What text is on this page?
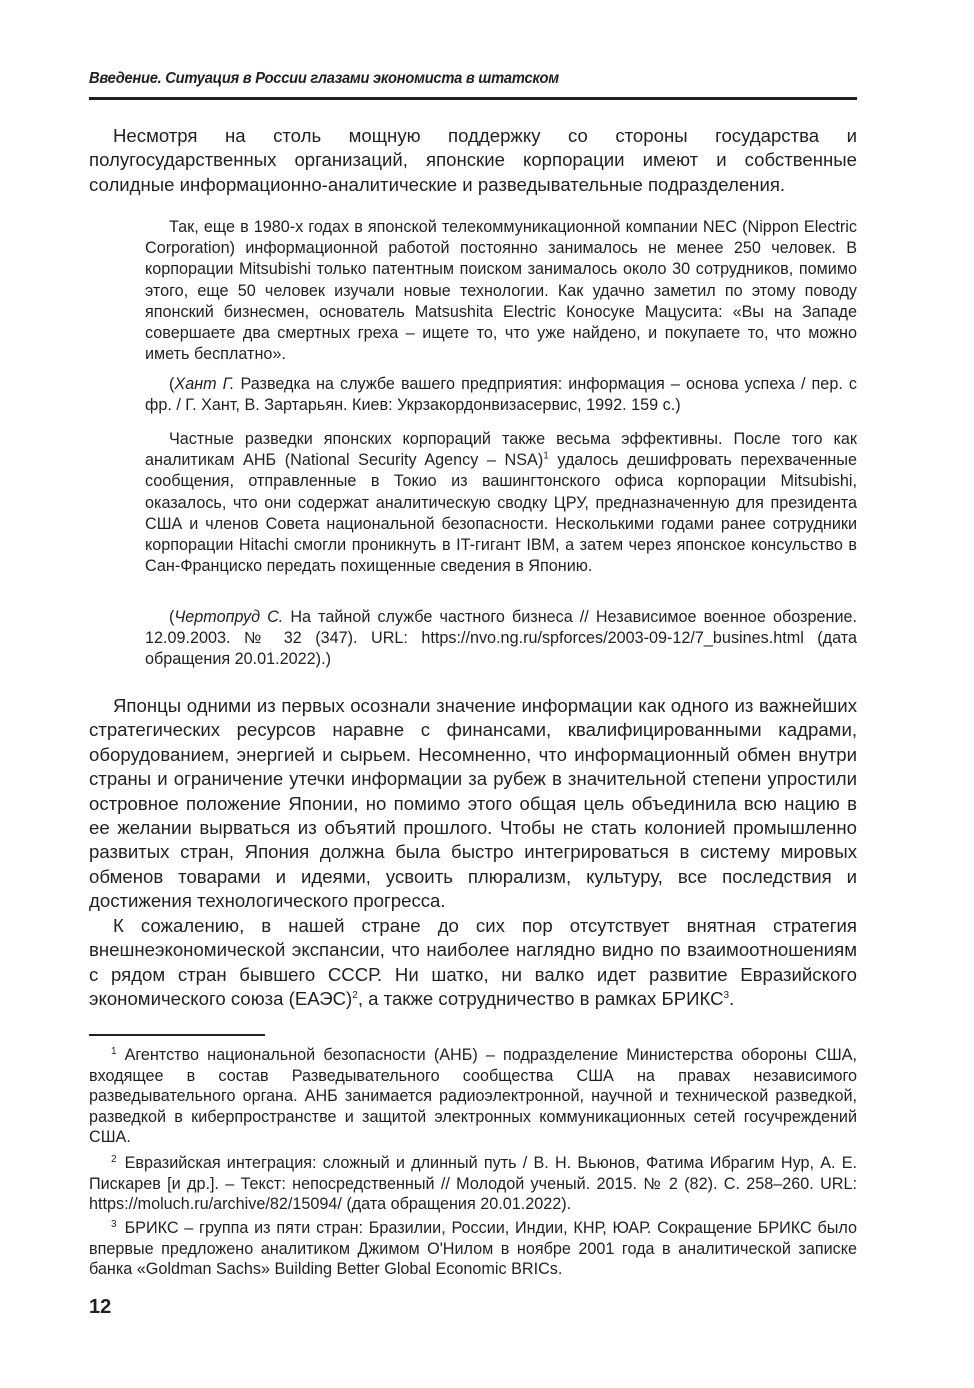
Введение. Ситуация в России глазами экономиста в штатском

Несмотря на столь мощную поддержку со стороны государства и полугосударственных организаций, японские корпорации имеют и собственные солидные информационно-аналитические и разведывательные подразделения.

Так, еще в 1980-х годах в японской телекоммуникационной компании NEC (Nippon Electric Corporation) информационной работой постоянно занималось не менее 250 человек. В корпорации Mitsubishi только патентным поиском занималось около 30 сотрудников, помимо этого, еще 50 человек изучали новые технологии. Как удачно заметил по этому поводу японский бизнесмен, основатель Matsushita Electric Коносуке Мацусита: «Вы на Западе совершаете два смертных греха – ищете то, что уже найдено, и покупаете то, что можно иметь бесплатно».

(Хант Г. Разведка на службе вашего предприятия: информация – основа успеха / пер. с фр. / Г. Хант, В. Зартарьян. Киев: Укрзакордонвизасервис, 1992. 159 с.)

Частные разведки японских корпораций также весьма эффективны. После того как аналитикам АНБ (National Security Agency – NSA)$^1$ удалось дешифровать перехваченные сообщения, отправленные в Токио из вашингтонского офиса корпорации Mitsubishi, оказалось, что они содержат аналитическую сводку ЦРУ, предназначенную для президента США и членов Совета национальной безопасности. Несколькими годами ранее сотрудники корпорации Hitachi смогли проникнуть в IT-гигант IBM, а затем через японское консульство в Сан-Франциско передать похищенные сведения в Японию.

(Чертопруд С. На тайной службе частного бизнеса // Независимое военное обозрение. 12.09.2003. № 32 (347). URL: https://nvo.ng.ru/spforces/2003-09-12/7_busines.html (дата обращения 20.01.2022).)

Японцы одними из первых осознали значение информации как одного из важнейших стратегических ресурсов наравне с финансами, квалифицированными кадрами, оборудованием, энергией и сырьем. Несомненно, что информационный обмен внутри страны и ограничение утечки информации за рубеж в значительной степени упростили островное положение Японии, но помимо этого общая цель объединила всю нацию в ее желании вырваться из объятий прошлого. Чтобы не стать колонией промышленно развитых стран, Япония должна была быстро интегрироваться в систему мировых обменов товарами и идеями, усвоить плюрализм, культуру, все последствия и достижения технологического прогресса.

К сожалению, в нашей стране до сих пор отсутствует внятная стратегия внешнеэкономической экспансии, что наиболее наглядно видно по взаимоотношениям с рядом стран бывшего СССР. Ни шатко, ни валко идет развитие Евразийского экономического союза (ЕАЭС)$^2$, а также сотрудничество в рамках БРИКС$^3$.

$^1$ Агентство национальной безопасности (АНБ) – подразделение Министерства обороны США, входящее в состав Разведывательного сообщества США на правах независимого разведывательного органа. АНБ занимается радиоэлектронной, научной и технической разведкой, разведкой в киберпространстве и защитой электронных коммуникационных сетей госучреждений США.

$^2$ Евразийская интеграция: сложный и длинный путь / В. Н. Вьюнов, Фатима Ибрагим Нур, А. Е. Пискарев [и др.]. – Текст: непосредственный // Молодой ученый. 2015. № 2 (82). С. 258–260. URL: https://moluch.ru/archive/82/15094/ (дата обращения 20.01.2022).

$^3$ БРИКС – группа из пяти стран: Бразилии, России, Индии, КНР, ЮАР. Сокращение БРИКС было впервые предложено аналитиком Джимом О'Нилом в ноябре 2001 года в аналитической записке банка «Goldman Sachs» Building Better Global Economic BRICs.

12
